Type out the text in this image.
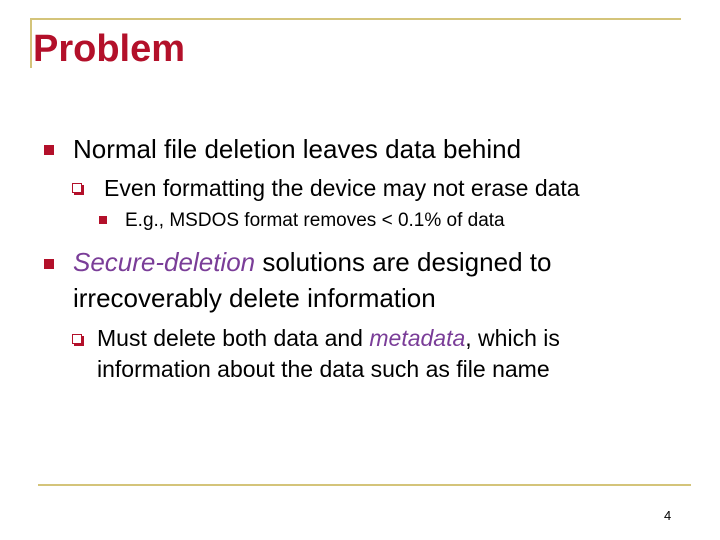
Problem
Normal file deletion leaves data behind
Even formatting the device may not erase data
E.g., MSDOS format removes < 0.1% of data
Secure-deletion solutions are designed to
irrecoverably delete information
Must delete both data and metadata, which is
information about the data such as file name
4
